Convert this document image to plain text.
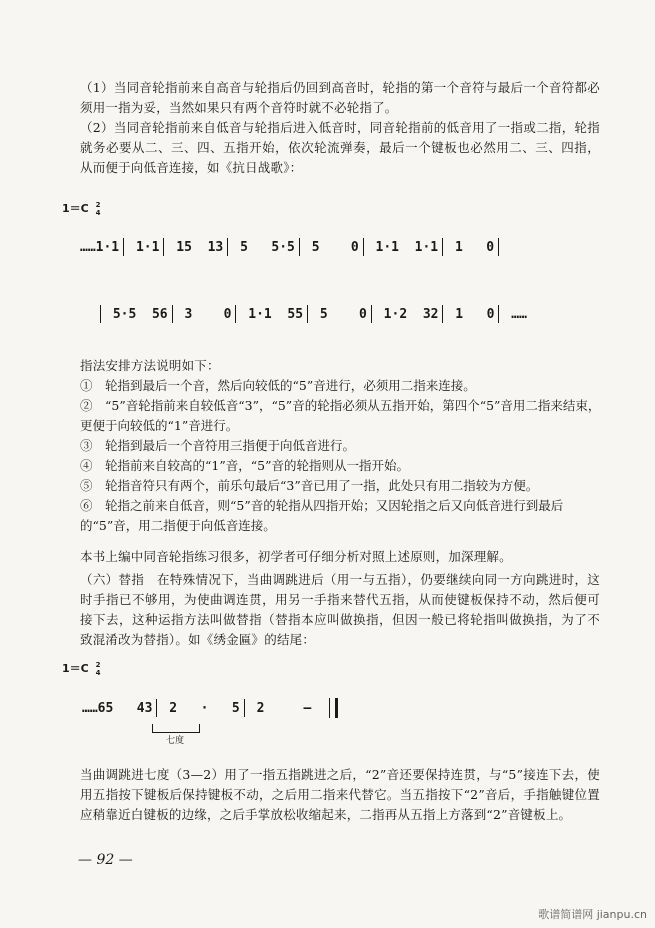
（1）当同音轮指前来自高音与轮指后仍回到高音时，轮指的第一个音符与最后一个音符都必须用一指为妥，当然如果只有两个音符时就不必轮指了。

（2）当同音轮指前来自低音与轮指后进入低音时，同音轮指前的低音用了一指或二指，轮指就务必要从二、三、四、五指开始，依次轮流弹奏，最后一个键板也必然用二、三、四指，从而便于向低音连接，如《抗日战歌》：

1＝C 2
4
……1·1 1·1 15 13 5 5·5 5 0 1·1 1·1 1 0
5·5 56 3 0 1·1 55 5 0 1·2 32 1 0 ……

指法安排方法说明如下：

①　轮指到最后一个音，然后向较低的“5”音进行，必须用二指来连接。

②　“5”音轮指前来自较低音“3”，“5”音的轮指必须从五指开始，第四个“5”音用二指来结束，更便于向较低的“1”音进行。

③　轮指到最后一个音符用三指便于向低音进行。

④　轮指前来自较高的“1”音，“5”音的轮指则从一指开始。

⑤　轮指音符只有两个，前乐句最后“3”音已用了一指，此处只有用二指较为方便。

⑥　轮指之前来自低音，则“5”音的轮指从四指开始；又因轮指之后又向低音进行到最后的“5”音，用二指便于向低音连接。

本书上编中同音轮指练习很多，初学者可仔细分析对照上述原则，加深理解。

（六）替指　在特殊情况下，当曲调跳进后（用一与五指），仍要继续向同一方向跳进时，这时手指已不够用，为使曲调连贯，用另一手指来替代五指，从而使键板保持不动，然后便可接下去，这种运指方法叫做替指（替指本应叫做换指，但因一般已将轮指叫做换指，为了不致混淆改为替指）。如《绣金匾》的结尾：

1＝C 2
4
……65 43 2 · 5 2	—
七度

当曲调跳进七度（3—2）用了一指五指跳进之后，“2”音还要保持连贯，与“5”接连下去，使用五指按下键板后保持键板不动，之后用二指来代替它。当五指按下“2”音后，手指触键位置应稍靠近白键板的边缘，之后手掌放松收缩起来，二指再从五指上方落到“2”音键板上。

— 92 —
歌谱简谱网 jianpu.cn
